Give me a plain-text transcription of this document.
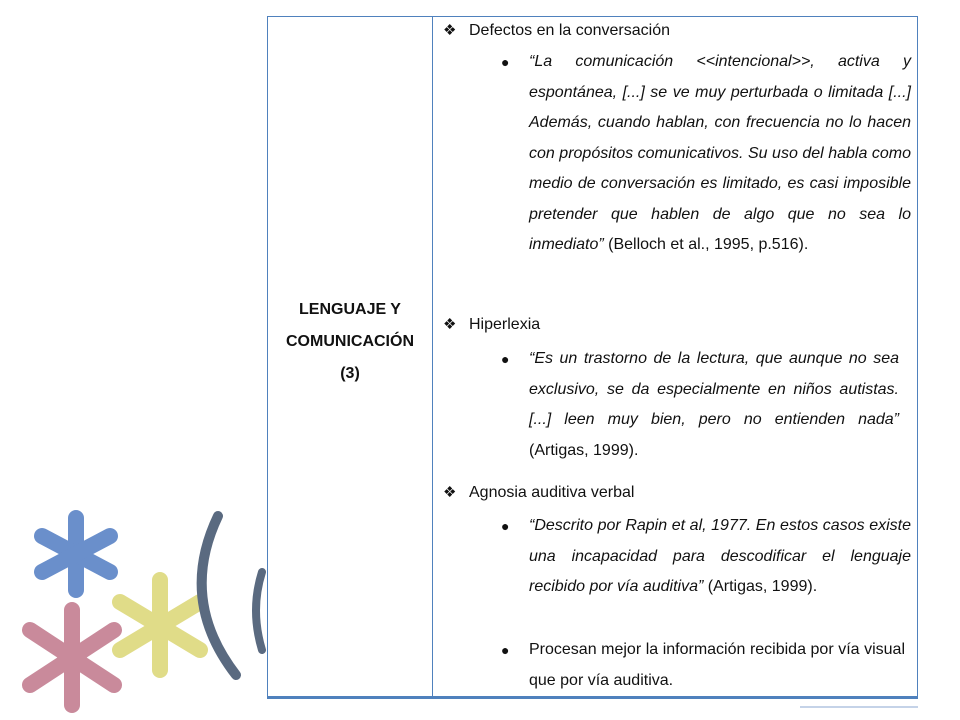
LENGUAJE Y
COMUNICACIÓN
(3)
❖ Defectos en la conversación
● “La comunicación <<intencional>>, activa y espontánea, [...] se ve muy perturbada o limitada [...] Además, cuando hablan, con frecuencia no lo hacen con propósitos comunicativos. Su uso del habla como medio de conversación es limitado, es casi imposible pretender que hablen de algo que no sea lo inmediato” (Belloch et al., 1995, p.516).
❖ Hiperlexia
● “Es un trastorno de la lectura, que aunque no sea exclusivo, se da especialmente en niños autistas. [...] leen muy bien, pero no entienden nada” (Artigas, 1999).
❖ Agnosia auditiva verbal
● “Descrito por Rapin et al, 1977. En estos casos existe una incapacidad para descodificar el lenguaje recibido por vía auditiva” (Artigas, 1999).
● Procesan mejor la información recibida por vía visual que por vía auditiva.
